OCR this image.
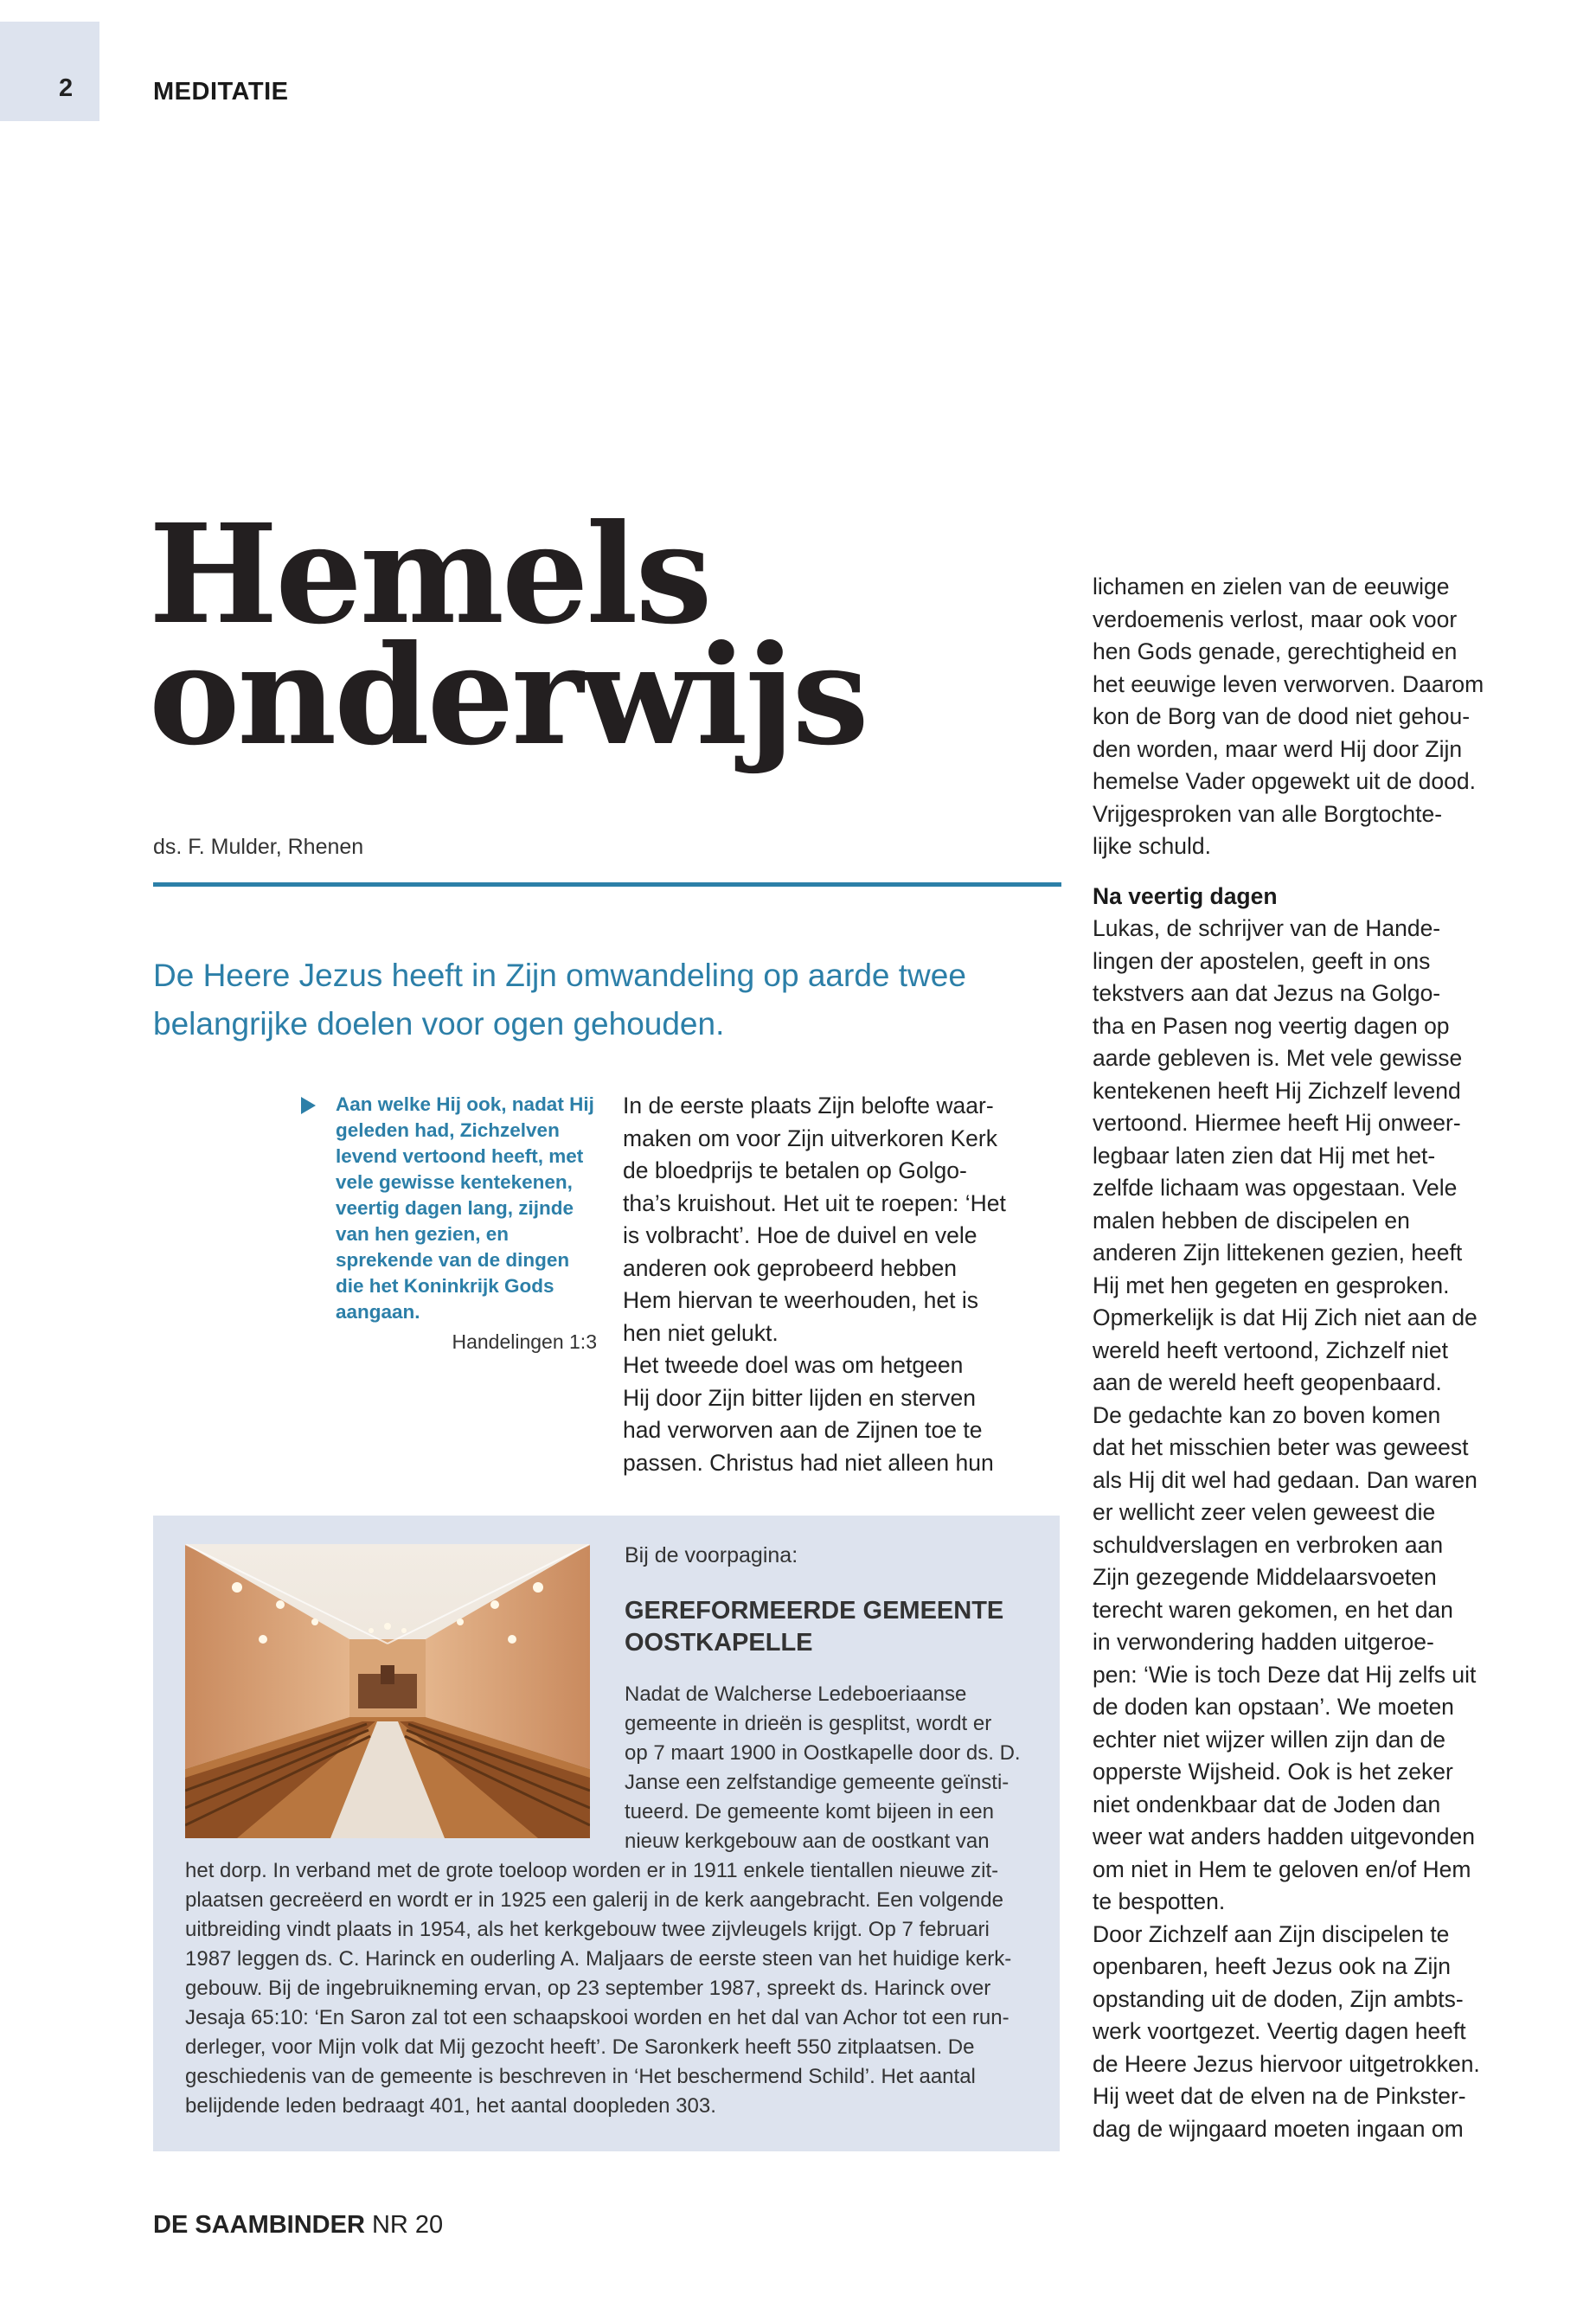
2	MEDITATIE
Hemels
onderwijs
ds. F. Mulder, Rhenen
De Heere Jezus heeft in Zijn omwandeling op aarde twee belangrijke doelen voor ogen gehouden.
Aan welke Hij ook, nadat Hij geleden had, Zichzelven levend vertoond heeft, met vele gewisse kentekenen, veertig dagen lang, zijnde van hen gezien, en sprekende van de dingen die het Koninkrijk Gods aangaan.
Handelingen 1:3

In de eerste plaats Zijn belofte waar-
maken om voor Zijn uitverkoren Kerk
de bloedprijs te betalen op Golgo-
tha’s kruishout. Het uit te roepen: ‘Het
is volbracht’. Hoe de duivel en vele
anderen ook geprobeerd hebben
Hem hiervan te weerhouden, het is
hen niet gelukt.
Het tweede doel was om hetgeen
Hij door Zijn bitter lijden en sterven
had verworven aan de Zijnen toe te
passen. Christus had niet alleen hun

lichamen en zielen van de eeuwige
verdoemenis verlost, maar ook voor
hen Gods genade, gerechtigheid en
het eeuwige leven verworven. Daarom
kon de Borg van de dood niet gehou-
den worden, maar werd Hij door Zijn
hemelse Vader opgewekt uit de dood.
Vrijgesproken van alle Borgtochte-
lijke schuld.

Na veertig dagen

Lukas, de schrijver van de Hande-
lingen der apostelen, geeft in ons
tekstvers aan dat Jezus na Golgo-
tha en Pasen nog veertig dagen op
aarde gebleven is. Met vele gewisse
kentekenen heeft Hij Zichzelf levend
vertoond. Hiermee heeft Hij onweer-
legbaar laten zien dat Hij met het-
zelfde lichaam was opgestaan. Vele
malen hebben de discipelen en
anderen Zijn littekenen gezien, heeft
Hij met hen gegeten en gesproken.
Opmerkelijk is dat Hij Zich niet aan de
wereld heeft vertoond, Zichzelf niet
aan de wereld heeft geopenbaard.
De gedachte kan zo boven komen
dat het misschien beter was geweest
als Hij dit wel had gedaan. Dan waren
er wellicht zeer velen geweest die
schuldverslagen en verbroken aan
Zijn gezegende Middelaarsvoeten
terecht waren gekomen, en het dan
in verwondering hadden uitgeroe-
pen: ‘Wie is toch Deze dat Hij zelfs uit
de doden kan opstaan’. We moeten
echter niet wijzer willen zijn dan de
opperste Wijsheid. Ook is het zeker
niet ondenkbaar dat de Joden dan
weer wat anders hadden uitgevonden
om niet in Hem te geloven en/of Hem
te bespotten.
Door Zichzelf aan Zijn discipelen te
openbaren, heeft Jezus ook na Zijn
opstanding uit de doden, Zijn ambts-
werk voortgezet. Veertig dagen heeft
de Heere Jezus hiervoor uitgetrokken.
Hij weet dat de elven na de Pinkster-
dag de wijngaard moeten ingaan om

Bij de voorpagina:
GEREFORMEERDE GEMEENTE OOSTKAPELLE
Nadat de Walcherse Ledeboeriaanse
gemeente in drieën is gesplitst, wordt er
op 7 maart 1900 in Oostkapelle door ds. D.
Janse een zelfstandige gemeente geïnsti-
tueerd. De gemeente komt bijeen in een
nieuw kerkgebouw aan de oostkant van
het dorp. In verband met de grote toeloop worden er in 1911 enkele tientallen nieuwe zit-
plaatsen gecreëerd en wordt er in 1925 een galerij in de kerk aangebracht. Een volgende
uitbreiding vindt plaats in 1954, als het kerkgebouw twee zijvleugels krijgt. Op 7 februari
1987 leggen ds. C. Harinck en ouderling A. Maljaars de eerste steen van het huidige kerk-
gebouw. Bij de ingebruikneming ervan, op 23 september 1987, spreekt ds. Harinck over
Jesaja 65:10: ‘En Saron zal tot een schaapskooi worden en het dal van Achor tot een run-
derleger, voor Mijn volk dat Mij gezocht heeft’. De Saronkerk heeft 550 zitplaatsen. De
geschiedenis van de gemeente is beschreven in ‘Het beschermend Schild’. Het aantal
belijdende leden bedraagt 401, het aantal doopleden 303.
DE SAAMBINDER NR 20
